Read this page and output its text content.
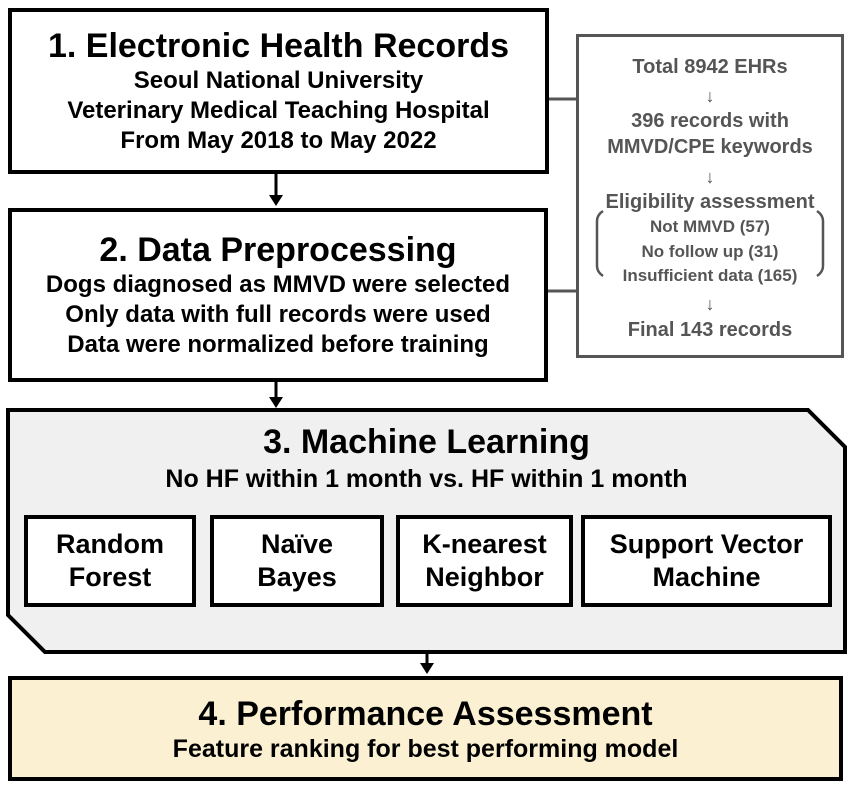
1. Electronic Health Records
Seoul National University
Veterinary Medical Teaching Hospital
From May 2018 to May 2022
2. Data Preprocessing
Dogs diagnosed as MMVD were selected
Only data with full records were used
Data were normalized before training
3. Machine Learning
No HF within 1 month vs. HF within 1 month
Random
Forest
Naïve
Bayes
K-nearest
Neighbor
Support Vector
Machine
4. Performance Assessment
Feature ranking for best performing model
Total 8942 EHRs
↓
396 records with
MMVD/CPE keywords
↓
Eligibility assessment
Not MMVD (57)
No follow up (31)
Insufficient data (165)
↓
Final 143 records
